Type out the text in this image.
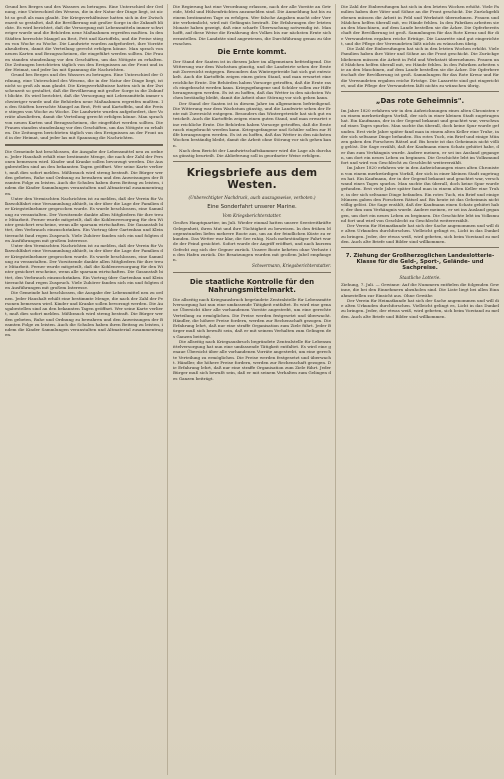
Grund bes Berges und des Wassers zu betragen. Eine Unterschied der Ordnung, eine Unterschied des Wesens, die in der Natur der Dinge liegt, ist nicht so groß als man glaubt. Die Kriegsverhältnisse hatten sich in der Zwischenzeit so gestaltet, daß die Bevölkerung mit großer Sorge in die Zukunft blickte. Es wird berichtet, daß die Versorgung mit Lebensmitteln immer schwieriger wurde und die Behörden neue Maßnahmen ergreifen mußten. In den Städten herrschte Mangel an Brot, Fett und Kartoffeln, und die Preise stiegen von Woche zu Woche. Die Landwirte wurden aufgefordert, ihre Vorräte abzuliefern, damit die Verteilung gerecht erfolgen könne. Man sprach von neuen Karten und Bezugsscheinen, die eingeführt werden sollten. Die Frauen standen stundenlang vor den Geschäften, um das Nötigste zu erhalten. Die Zeitungen berichteten täglich von den Ereignissen an der Front und in der Heimat, und jeder las mit Spannung die Nachrichten.

Grund bes Berges und des Wassers zu betragen. Eine Unterschied der Ordnung, eine Unterschied des Wesens, die in der Natur der Dinge liegt, ist nicht so groß als man glaubt. Die Kriegsverhältnisse hatten sich in der Zwischenzeit so gestaltet, daß die Bevölkerung mit großer Sorge in die Zukunft blickte. Es wird berichtet, daß die Versorgung mit Lebensmitteln immer schwieriger wurde und die Behörden neue Maßnahmen ergreifen mußten. In den Städten herrschte Mangel an Brot, Fett und Kartoffeln, und die Preise stiegen von Woche zu Woche. Die Landwirte wurden aufgefordert, ihre Vorräte abzuliefern, damit die Verteilung gerecht erfolgen könne. Man sprach von neuen Karten und Bezugsscheinen, die eingeführt werden sollten. Die Frauen standen stundenlang vor den Geschäften, um das Nötigste zu erhalten. Die Zeitungen berichteten täglich von den Ereignissen an der Front und in der Heimat, und jeder las mit Spannung die Nachrichten.

Die Gemeinde hat beschlossen, die Ausgabe der Lebensmittel neu zu ordnen. Jeder Haushalt erhält eine bestimmte Menge, die nach der Zahl der Personen bemessen wird. Kinder und Kranke sollen bevorzugt werden. Die Ausgabestellen sind an den bekannten Tagen geöffnet. Wer seine Karte verliert, muß dies sofort melden. Mißbrauch wird streng bestraft. Die Bürger werden gebeten, Ruhe und Ordnung zu bewahren und den Anweisungen der Beamten Folge zu leisten. Auch die Schulen haben ihren Beitrag zu leisten, indem die Kinder Sammlungen veranstalten und Altmaterial zusammentragen.

Unter den Vermischten Nachrichten ist zu melden, daß der Verein für Volkswohlfahrt eine Versammlung abhielt, in der über die Lage der Familien der Kriegsteilnehmer gesprochen wurde. Es wurde beschlossen, eine Sammlung zu veranstalten. Der Vorsitzende dankte allen Mitgliedern für ihre treue Mitarbeit. Ferner wurde mitgeteilt, daß die Kohlenversorgung für den Winter gesichert erscheine, wenn alle sparsam wirtschaften. Die Gasanstalt bittet, den Verbrauch einzuschränken. Ein Vortrag über Gartenbau und Kleintierzucht fand regen Zuspruch. Viele Zuhörer fanden sich ein und folgten den Ausführungen mit großem Interesse.

Unter den Vermischten Nachrichten ist zu melden, daß der Verein für Volkswohlfahrt eine Versammlung abhielt, in der über die Lage der Familien der Kriegsteilnehmer gesprochen wurde. Es wurde beschlossen, eine Sammlung zu veranstalten. Der Vorsitzende dankte allen Mitgliedern für ihre treue Mitarbeit. Ferner wurde mitgeteilt, daß die Kohlenversorgung für den Winter gesichert erscheine, wenn alle sparsam wirtschaften. Die Gasanstalt bittet, den Verbrauch einzuschränken. Ein Vortrag über Gartenbau und Kleintierzucht fand regen Zuspruch. Viele Zuhörer fanden sich ein und folgten den Ausführungen mit großem Interesse.

Die Gemeinde hat beschlossen, die Ausgabe der Lebensmittel neu zu ordnen. Jeder Haushalt erhält eine bestimmte Menge, die nach der Zahl der Personen bemessen wird. Kinder und Kranke sollen bevorzugt werden. Die Ausgabestellen sind an den bekannten Tagen geöffnet. Wer seine Karte verliert, muß dies sofort melden. Mißbrauch wird streng bestraft. Die Bürger werden gebeten, Ruhe und Ordnung zu bewahren und den Anweisungen der Beamten Folge zu leisten. Auch die Schulen haben ihren Beitrag zu leisten, indem die Kinder Sammlungen veranstalten und Altmaterial zusammentragen.

Die Regierung hat eine Verordnung erlassen, nach der alle Vorräte an Getreide, Mehl und Hülsenfrüchten anzumelden sind. Die Anmeldung hat bis zu einem bestimmten Tage zu erfolgen. Wer falsche Angaben macht oder Vorräte verheimlicht, wird mit Gefängnis bestraft. Die Erfahrungen der letzten Monate haben gezeigt, daß eine scharfe Überwachung notwendig ist. Man hofft, auf diese Weise die Ernährung des Volkes bis zur nächsten Ernte sicherzustellen. Die Landräte sind angewiesen, die Durchführung genau zu überwachen.

Die Ernte kommt.

Der Stand der Saaten ist in diesem Jahre im allgemeinen befriedigend. Die Witterung war dem Wachstum günstig, und die Landwirte sehen der Ernte mit Zuversicht entgegen. Besonders das Wintergetreide hat sich gut entwickelt. Auch die Kartoffeln zeigen einen guten Stand, und man erwartet eine reichliche Ernte. Die Behörden haben Vorsorge getroffen, daß die Ernte rasch eingebracht werden kann. Kriegsgefangene und Schüler sollen zur Hilfe herangezogen werden. Es ist zu hoffen, daß das Wetter in den nächsten Wochen beständig bleibt, damit die Arbeit ohne Störung vor sich gehen kann.

Der Stand der Saaten ist in diesem Jahre im allgemeinen befriedigend. Die Witterung war dem Wachstum günstig, und die Landwirte sehen der Ernte mit Zuversicht entgegen. Besonders das Wintergetreide hat sich gut entwickelt. Auch die Kartoffeln zeigen einen guten Stand, und man erwartet eine reichliche Ernte. Die Behörden haben Vorsorge getroffen, daß die Ernte rasch eingebracht werden kann. Kriegsgefangene und Schüler sollen zur Hilfe herangezogen werden. Es ist zu hoffen, daß das Wetter in den nächsten Wochen beständig bleibt, damit die Arbeit ohne Störung vor sich gehen kann.

Nach dem Bericht der Landwirtschaftskammer wird die Lage als durchaus günstig beurteilt. Die Ablieferung soll in geordneter Weise erfolgen.

Kriegsbriefe aus dem Westen.
(Unberechtigter Nachdruck, auch auszugsweise, verboten.)
Eine Sonderfahrt unserer Marine.
Vom Kriegsberichterstatter.

Großes Hauptquartier, im Juli. Wieder einmal hatten unsere Seestreitkräfte Gelegenheit, ihren Mut und ihre Tüchtigkeit zu beweisen. In den frühen Morgenstunden liefen mehrere Boote aus, um an der feindlichen Küste zu erkunden. Das Wetter war klar, die See ruhig. Nach mehrstündiger Fahrt wurde der Feind gesichtet. Sofort wurde der Angriff eröffnet, und nach kurzem Gefecht zog sich der Gegner zurück. Unsere Boote kehrten ohne Verluste in den Hafen zurück. Die Besatzungen wurden mit großem Jubel empfangen.

Schwermann, Kriegsberichterstatter.
Die staatliche Kontrolle für den Nahrungsmittelmarkt.

Die allseitig nach Kriegsausbruch begründete Zentralstelle für Lebensmittelversorgung hat nun eine umfassende Tätigkeit entfaltet. Es wird eine genaue Übersicht über alle vorhandenen Vorräte angestrebt, um eine gerechte Verteilung zu ermöglichen. Die Preise werden festgesetzt und überwacht. Händler, die höhere Preise fordern, werden zur Rechenschaft gezogen. Die Erfahrung lehrt, daß nur eine straffe Organisation zum Ziele führt. Jeder Bürger muß sich bewußt sein, daß er mit seinem Verhalten zum Gelingen des Ganzen beiträgt.

Die allseitig nach Kriegsausbruch begründete Zentralstelle für Lebensmittelversorgung hat nun eine umfassende Tätigkeit entfaltet. Es wird eine genaue Übersicht über alle vorhandenen Vorräte angestrebt, um eine gerechte Verteilung zu ermöglichen. Die Preise werden festgesetzt und überwacht. Händler, die höhere Preise fordern, werden zur Rechenschaft gezogen. Die Erfahrung lehrt, daß nur eine straffe Organisation zum Ziele führt. Jeder Bürger muß sich bewußt sein, daß er mit seinem Verhalten zum Gelingen des Ganzen beiträgt.

Die Zahl der Einberufungen hat sich in den letzten Wochen erhöht. Viele Familien haben ihre Väter und Söhne an die Front geschickt. Die Zurückgebliebenen müssen die Arbeit in Feld und Werkstatt übernehmen. Frauen und Mädchen helfen überall mit, wo Hände fehlen. In den Fabriken arbeiten sie an den Maschinen, auf dem Lande bestellen sie die Äcker. Die Opferbereitschaft der Bevölkerung ist groß. Sammlungen für das Rote Kreuz und für die Verwundeten ergaben reiche Erträge. Die Lazarette sind gut eingerichtet, und die Pflege der Verwundeten läßt nichts zu wünschen übrig.

Die Zahl der Einberufungen hat sich in den letzten Wochen erhöht. Viele Familien haben ihre Väter und Söhne an die Front geschickt. Die Zurückgebliebenen müssen die Arbeit in Feld und Werkstatt übernehmen. Frauen und Mädchen helfen überall mit, wo Hände fehlen. In den Fabriken arbeiten sie an den Maschinen, auf dem Lande bestellen sie die Äcker. Die Opferbereitschaft der Bevölkerung ist groß. Sammlungen für das Rote Kreuz und für die Verwundeten ergaben reiche Erträge. Die Lazarette sind gut eingerichtet, und die Pflege der Verwundeten läßt nichts zu wünschen übrig.

„Das rote Geheimnis".

Im Jahre 1820 erfahren wir in den Aufzeichnungen eines alten Chronisten von einem merkwürdigen Vorfall, der sich in einer kleinen Stadt zugetragen hat. Ein Kaufmann, der in der Gegend bekannt und geachtet war, verschwand eines Tages spurlos. Man suchte ihn überall, doch keine Spur wurde gefunden. Erst viele Jahre später fand man in einem alten Keller eine Truhe, in der sich seltsame Dinge befanden. Ein rotes Tuch, ein Brief und einige Münzen gaben den Forschern Rätsel auf. Bis heute ist das Geheimnis nicht völlig gelöst. Die Sage erzählt, daß der Kaufmann einen Schatz gehütet habe, der ihm zum Verhängnis wurde. Andere meinen, er sei ins Ausland gegangen, um dort ein neues Leben zu beginnen. Die Geschichte lebt im Volksmund fort und wird von Geschlecht zu Geschlecht weitererzählt.

Im Jahre 1820 erfahren wir in den Aufzeichnungen eines alten Chronisten von einem merkwürdigen Vorfall, der sich in einer kleinen Stadt zugetragen hat. Ein Kaufmann, der in der Gegend bekannt und geachtet war, verschwand eines Tages spurlos. Man suchte ihn überall, doch keine Spur wurde gefunden. Erst viele Jahre später fand man in einem alten Keller eine Truhe, in der sich seltsame Dinge befanden. Ein rotes Tuch, ein Brief und einige Münzen gaben den Forschern Rätsel auf. Bis heute ist das Geheimnis nicht völlig gelöst. Die Sage erzählt, daß der Kaufmann einen Schatz gehütet habe, der ihm zum Verhängnis wurde. Andere meinen, er sei ins Ausland gegangen, um dort ein neues Leben zu beginnen. Die Geschichte lebt im Volksmund fort und wird von Geschlecht zu Geschlecht weitererzählt.

Der Verein für Heimatkunde hat sich der Sache angenommen und will die alten Urkunden durchforschen. Vielleicht gelingt es, Licht in das Dunkel zu bringen. Jeder, der etwas weiß, wird gebeten, sich beim Vorstand zu melden. Auch alte Briefe und Bilder sind willkommen.

7. Ziehung der Großherzoglichen Landeslotterie-Klasse für die Geld-, Sport-, Gelände- und Sachpreise.
Staatliche Lotterie.

Ziehung, 7. Juli. — Gewinne: Auf die Nummern entfielen die folgenden Gewinne, die bei den Einnehmern abzuholen sind. Die Liste liegt bei allen Einnahmestellen zur Einsicht aus. Ohne Gewähr.

Der Verein für Heimatkunde hat sich der Sache angenommen und will die alten Urkunden durchforschen. Vielleicht gelingt es, Licht in das Dunkel zu bringen. Jeder, der etwas weiß, wird gebeten, sich beim Vorstand zu melden. Auch alte Briefe und Bilder sind willkommen.
